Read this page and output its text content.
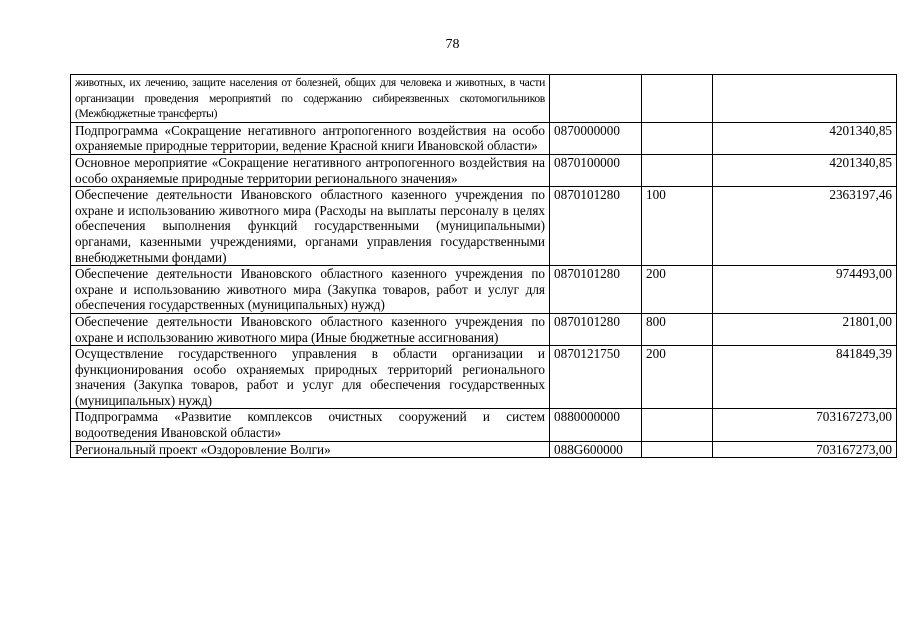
78
животных, их лечению, защите населения от болезней, общих для человека и животных, в части организации проведения мероприятий по содержанию сибиреязвенных скотомогильников (Межбюджетные трансферты)			
Подпрограмма «Сокращение негативного антропогенного воздействия на особо охраняемые природные территории, ведение Красной книги Ивановской области»	0870000000		4201340,85
Основное мероприятие «Сокращение негативного антропогенного воздействия на особо охраняемые природные территории регионального значения»	0870100000		4201340,85
Обеспечение деятельности Ивановского областного казенного учреждения по охране и использованию животного мира (Расходы на выплаты персоналу в целях обеспечения выполнения функций государственными (муниципальными) органами, казенными учреждениями, органами управления государственными внебюджетными фондами)	0870101280	100	2363197,46
Обеспечение деятельности Ивановского областного казенного учреждения по охране и использованию животного мира (Закупка товаров, работ и услуг для обеспечения государственных (муниципальных) нужд)	0870101280	200	974493,00
Обеспечение деятельности Ивановского областного казенного учреждения по охране и использованию животного мира (Иные бюджетные ассигнования)	0870101280	800	21801,00
Осуществление государственного управления в области организации и функционирования особо охраняемых природных территорий регионального значения (Закупка товаров, работ и услуг для обеспечения государственных (муниципальных) нужд)	0870121750	200	841849,39
Подпрограмма «Развитие комплексов очистных сооружений и систем водоотведения Ивановской области»	0880000000		703167273,00
Региональный проект «Оздоровление Волги»	088G600000		703167273,00
